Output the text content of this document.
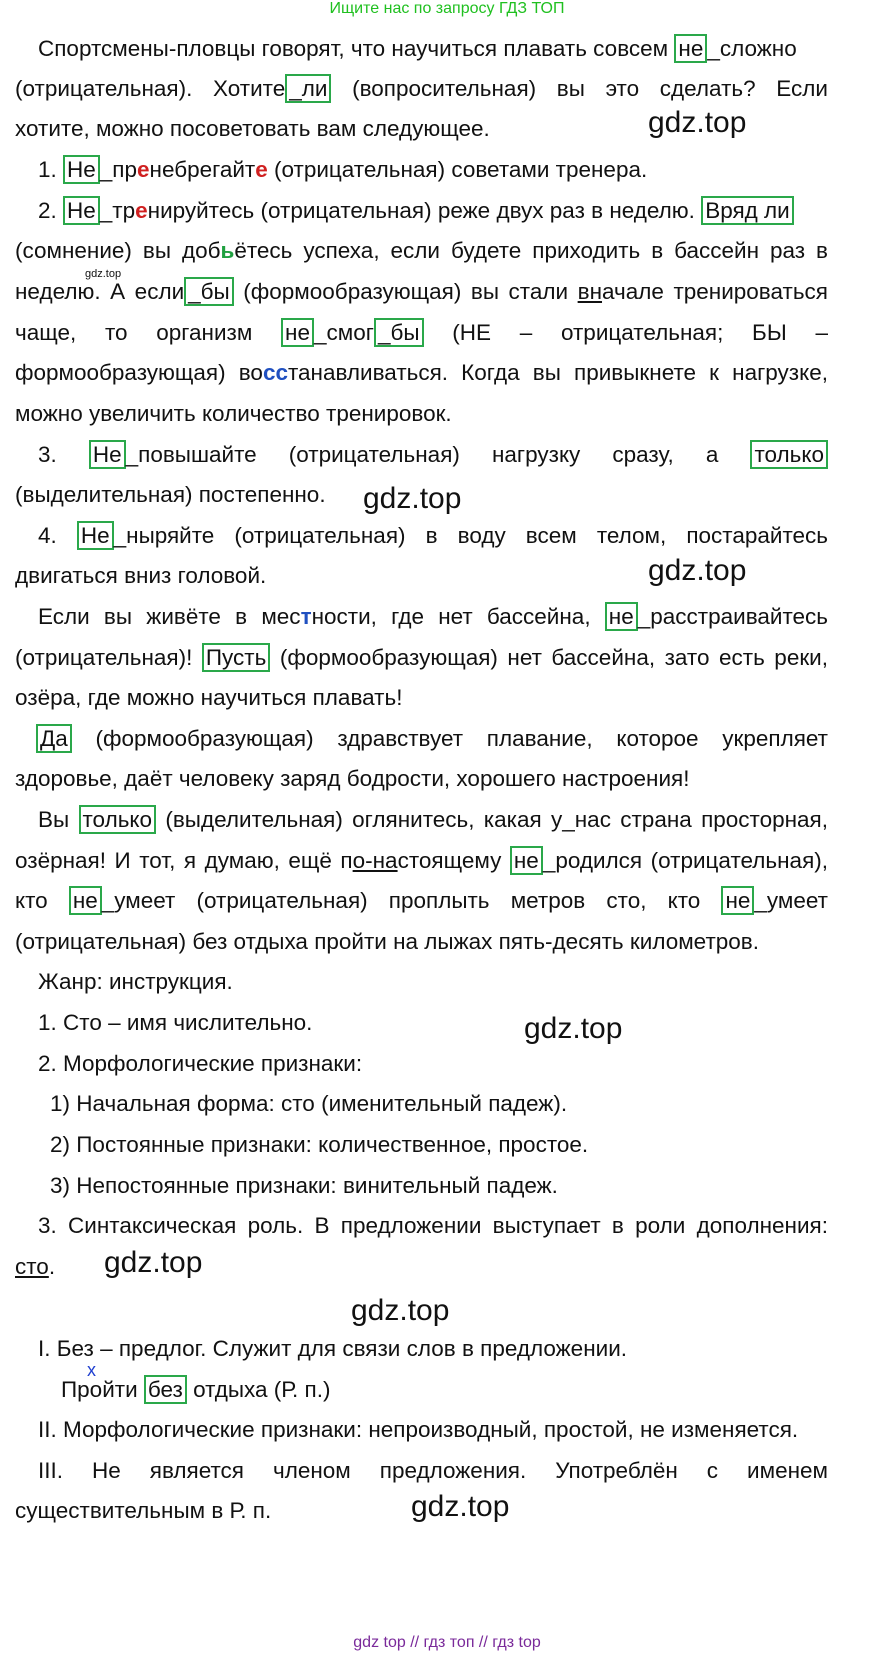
Ищите нас по запросу ГДЗ ТОП
Спортсмены-пловцы говорят, что научиться плавать совсем не _сложно
(отрицательная). Хотите _ли (вопросительная) вы это сделать? Если
хотите, можно посоветовать вам следующее.	gdz.top
1. Не _пренебрегайте (отрицательная) советами тренера.
2. Не _тренируйтесь (отрицательная) реже двух раз в неделю. Вряд ли
(сомнение) вы добьётесь успеха, если будете приходить в бассейн раз в
gdz.top
неделю. А если _бы (формообразующая) вы стали вначале тренироваться
чаще, то организм не _смог _бы (НЕ – отрицательная; БЫ –
формообразующая) восстанавливаться. Когда вы привыкнете к нагрузке,
можно увеличить количество тренировок.
3. Не _повышайте (отрицательная) нагрузку сразу, а только
(выделительная) постепенно.	gdz.top
4. Не _ныряйте (отрицательная) в воду всем телом, постарайтесь
двигаться вниз головой.	gdz.top
Если вы живёте в местности, где нет бассейна, не _расстраивайтесь
(отрицательная)! Пусть (формообразующая) нет бассейна, зато есть реки,
озёра, где можно научиться плавать!
Да (формообразующая) здравствует плавание, которое укрепляет
здоровье, даёт человеку заряд бодрости, хорошего настроения!
Вы только (выделительная) оглянитесь, какая у_нас страна просторная,
озёрная! И тот, я думаю, ещё по-настоящему не _родился (отрицательная),
кто не _умеет (отрицательная) проплыть метров сто, кто не _умеет
(отрицательная) без отдыха пройти на лыжах пять-десять километров.
Жанр: инструкция.
1. Сто – имя числительно.	gdz.top
2. Морфологические признаки:
1) Начальная форма: сто (именительный падеж).
2) Постоянные признаки: количественное, простое.
3) Непостоянные признаки: винительный падеж.
3. Синтаксическая роль. В предложении выступает в роли дополнения:
сто.	gdz.top
gdz.top
I. Без – предлог. Служит для связи слов в предложении.
x
Пройти без отдыха (Р. п.)
II. Морфологические признаки: непроизводный, простой, не изменяется.
III. Не является членом предложения. Употреблён с именем
существительным в Р. п.	gdz.top
gdz top // гдз топ // гдз top
